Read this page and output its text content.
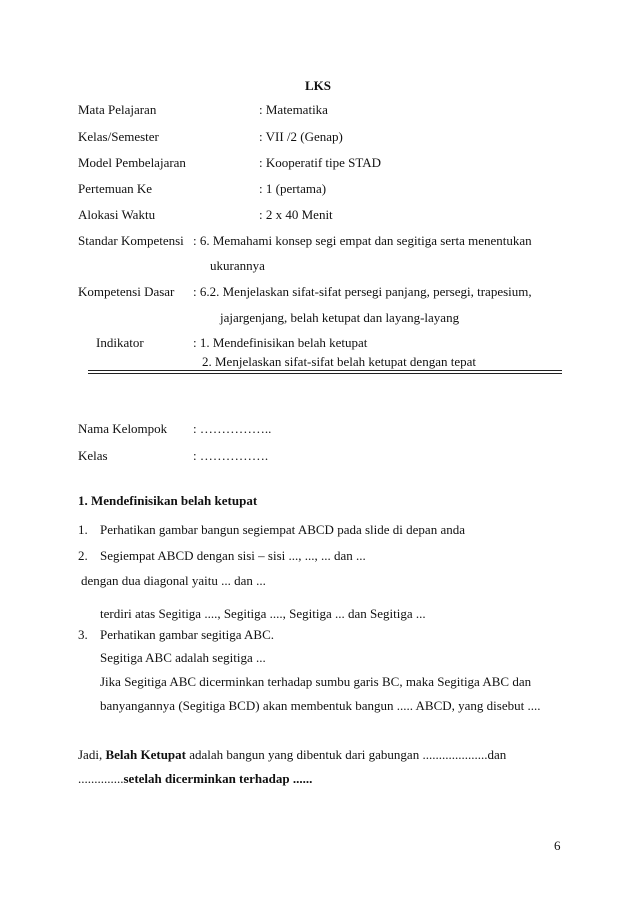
LKS
Mata Pelajaran	: Matematika
Kelas/Semester	: VII /2 (Genap)
Model Pembelajaran	: Kooperatif tipe STAD
Pertemuan Ke	: 1 (pertama)
Alokasi Waktu	: 2 x 40 Menit
Standar Kompetensi : 6. Memahami konsep segi empat dan segitiga serta menentukan
ukurannya
Kompetensi Dasar : 6.2. Menjelaskan sifat-sifat persegi panjang, persegi, trapesium,
jajargenjang, belah ketupat dan layang-layang
Indikator	: 1. Mendefinisikan belah ketupat
2. Menjelaskan sifat-sifat belah ketupat dengan tepat
Nama Kelompok : ……………..
Kelas	: …………….
1. Mendefinisikan belah ketupat
1. Perhatikan gambar bangun segiempat ABCD pada slide di depan anda
2. Segiempat ABCD dengan sisi – sisi ..., ..., ... dan ...
dengan dua diagonal yaitu ... dan ...
terdiri atas Segitiga ...., Segitiga ...., Segitiga ... dan Segitiga ...
3. Perhatikan gambar segitiga ABC.
Segitiga ABC adalah segitiga ...
Jika Segitiga ABC dicerminkan terhadap sumbu garis BC, maka Segitiga ABC dan
banyangannya (Segitiga BCD) akan membentuk bangun ..... ABCD, yang disebut ....
Jadi, Belah Ketupat adalah bangun yang dibentuk dari gabungan ....................dan
..............setelah dicerminkan terhadap ......
6
